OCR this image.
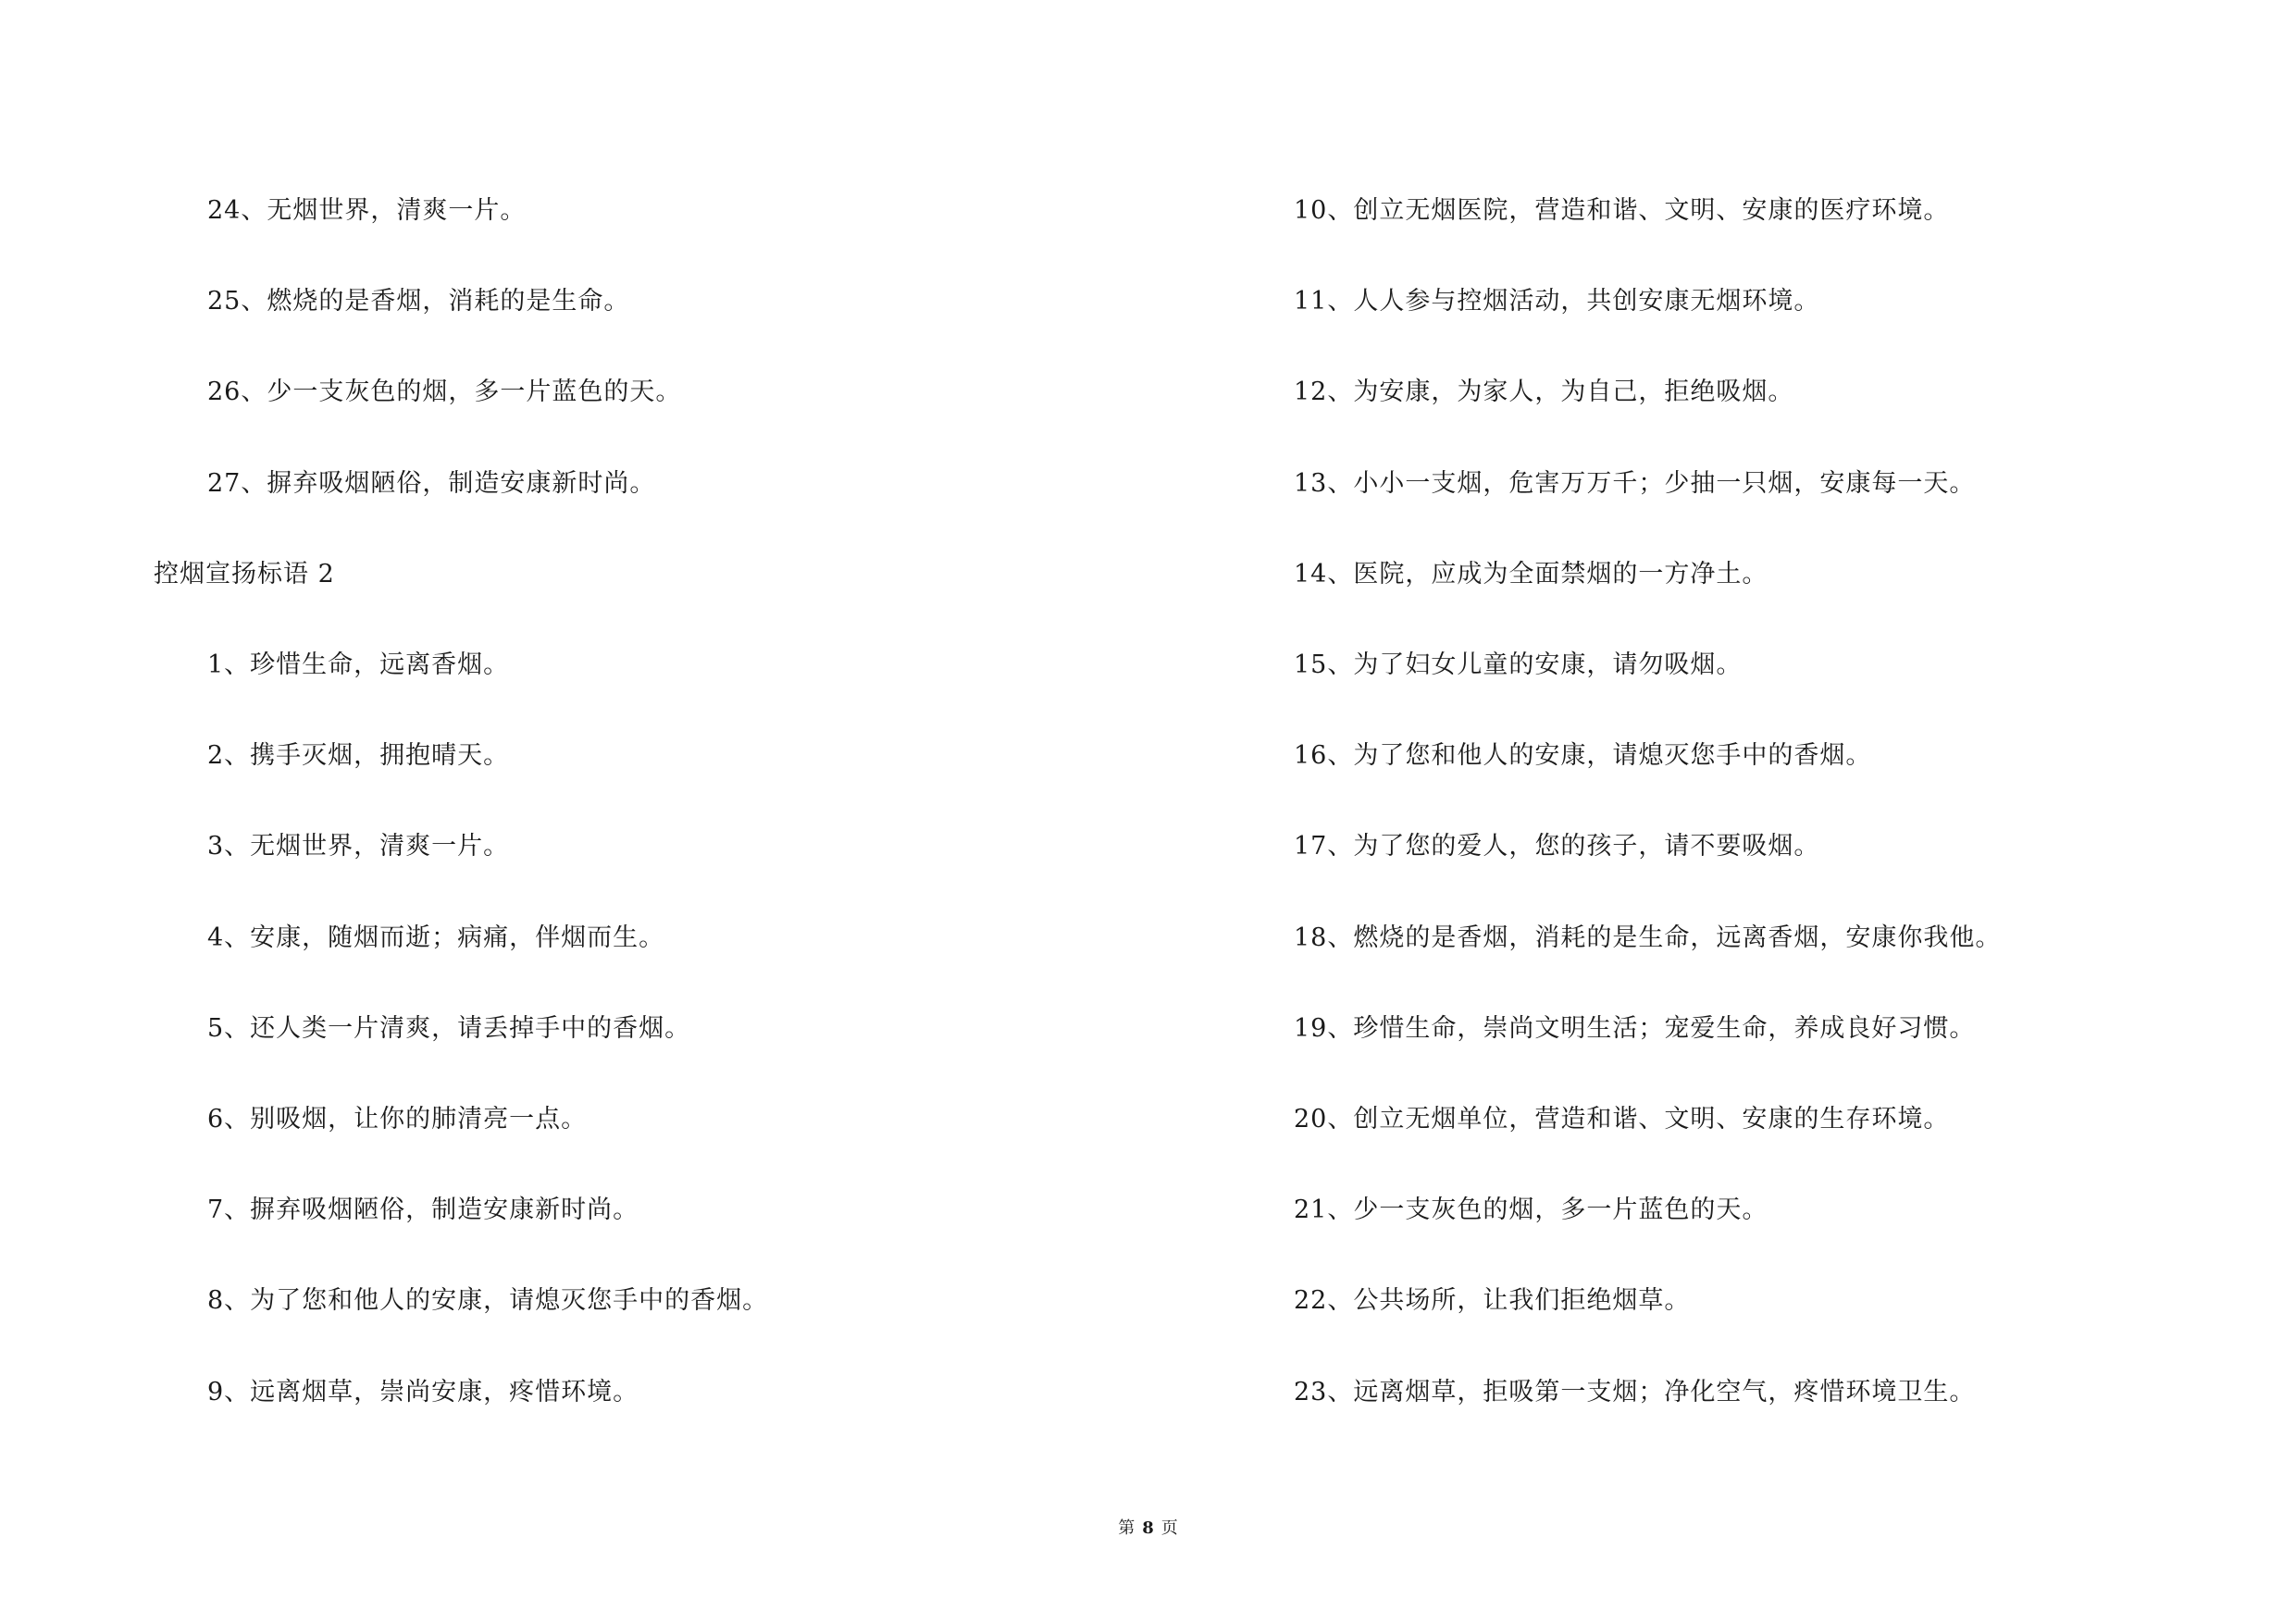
24、无烟世界，清爽一片。
25、燃烧的是香烟，消耗的是生命。
26、少一支灰色的烟，多一片蓝色的天。
27、摒弃吸烟陋俗，制造安康新时尚。
控烟宣扬标语 2
1、珍惜生命，远离香烟。
2、携手灭烟，拥抱晴天。
3、无烟世界，清爽一片。
4、安康，随烟而逝；病痛，伴烟而生。
5、还人类一片清爽，请丢掉手中的香烟。
6、别吸烟，让你的肺清亮一点。
7、摒弃吸烟陋俗，制造安康新时尚。
8、为了您和他人的安康，请熄灭您手中的香烟。
9、远离烟草，崇尚安康，疼惜环境。
10、创立无烟医院，营造和谐、文明、安康的医疗环境。
11、人人参与控烟活动，共创安康无烟环境。
12、为安康，为家人，为自己，拒绝吸烟。
13、小小一支烟，危害万万千；少抽一只烟，安康每一天。
14、医院，应成为全面禁烟的一方净土。
15、为了妇女儿童的安康，请勿吸烟。
16、为了您和他人的安康，请熄灭您手中的香烟。
17、为了您的爱人，您的孩子，请不要吸烟。
18、燃烧的是香烟，消耗的是生命，远离香烟，安康你我他。
19、珍惜生命，崇尚文明生活；宠爱生命，养成良好习惯。
20、创立无烟单位，营造和谐、文明、安康的生存环境。
21、少一支灰色的烟，多一片蓝色的天。
22、公共场所，让我们拒绝烟草。
23、远离烟草，拒吸第一支烟；净化空气，疼惜环境卫生。
第 8 页
